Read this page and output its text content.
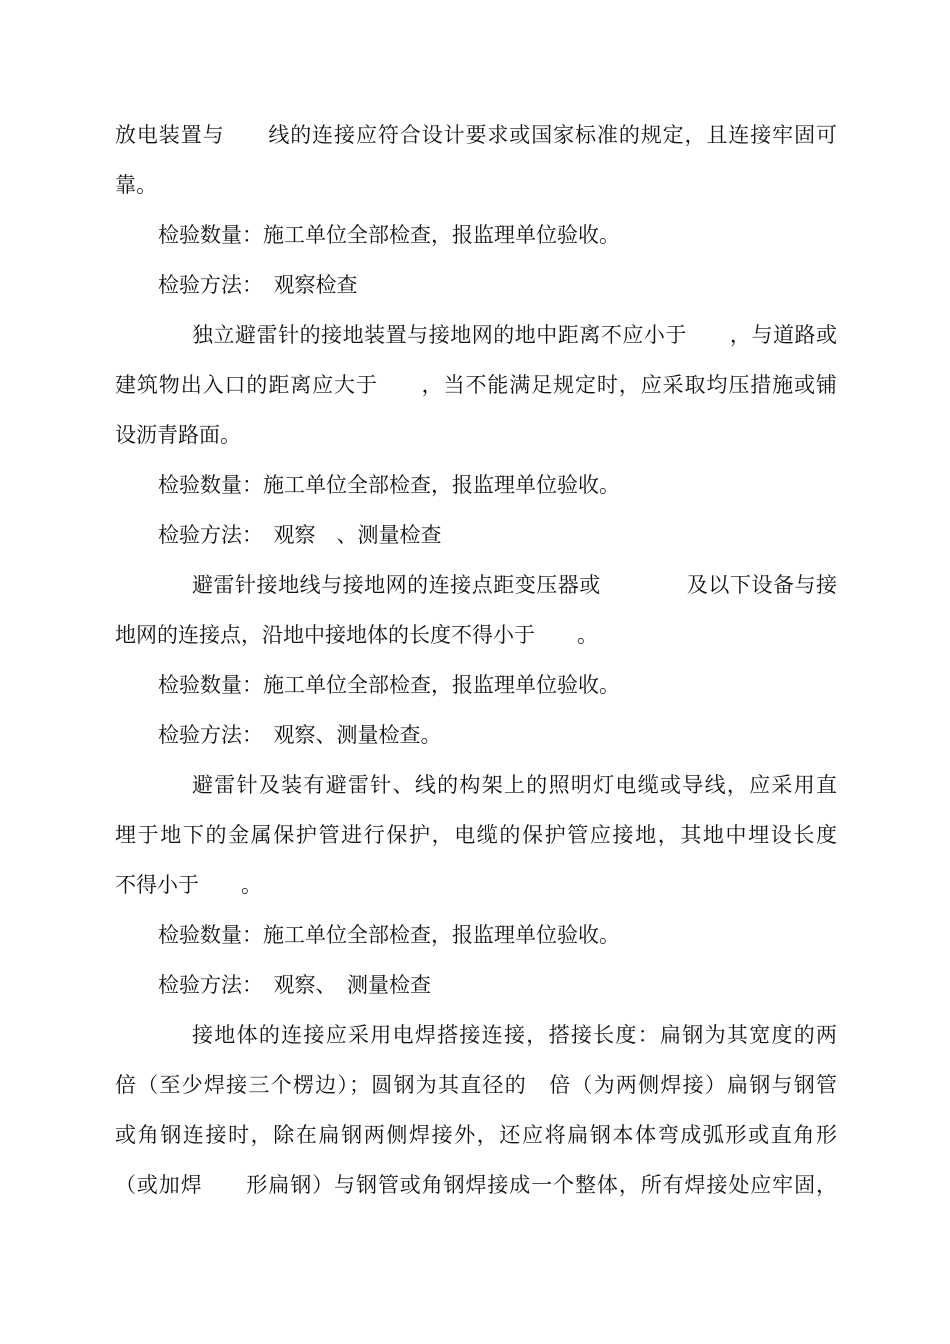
放电装置与　　线的连接应符合设计要求或国家标准的规定，且连接牢固可
靠。
检验数量：施工单位全部检查，报监理单位验收。
检验方法：　观察检查
独立避雷针的接地装置与接地网的地中距离不应小于　　，与道路或
建筑物出入口的距离应大于　　，当不能满足规定时，应采取均压措施或铺
设沥青路面。
检验数量：施工单位全部检查，报监理单位验收。
检验方法：　观察　、测量检查
避雷针接地线与接地网的连接点距变压器或　　　　及以下设备与接
地网的连接点，沿地中接地体的长度不得小于　　。
检验数量：施工单位全部检查，报监理单位验收。
检验方法：　观察、测量检查。
避雷针及装有避雷针、线的构架上的照明灯电缆或导线，应采用直
埋于地下的金属保护管进行保护，电缆的保护管应接地，其地中埋设长度
不得小于　　。
检验数量：施工单位全部检查，报监理单位验收。
检验方法：　观察、　测量检查
接地体的连接应采用电焊搭接连接，搭接长度：扁钢为其宽度的两
倍（至少焊接三个楞边）；圆钢为其直径的　倍（为两侧焊接）扁钢与钢管
或角钢连接时，除在扁钢两侧焊接外，还应将扁钢本体弯成弧形或直角形
（或加焊　　形扁钢）与钢管或角钢焊接成一个整体，所有焊接处应牢固，
